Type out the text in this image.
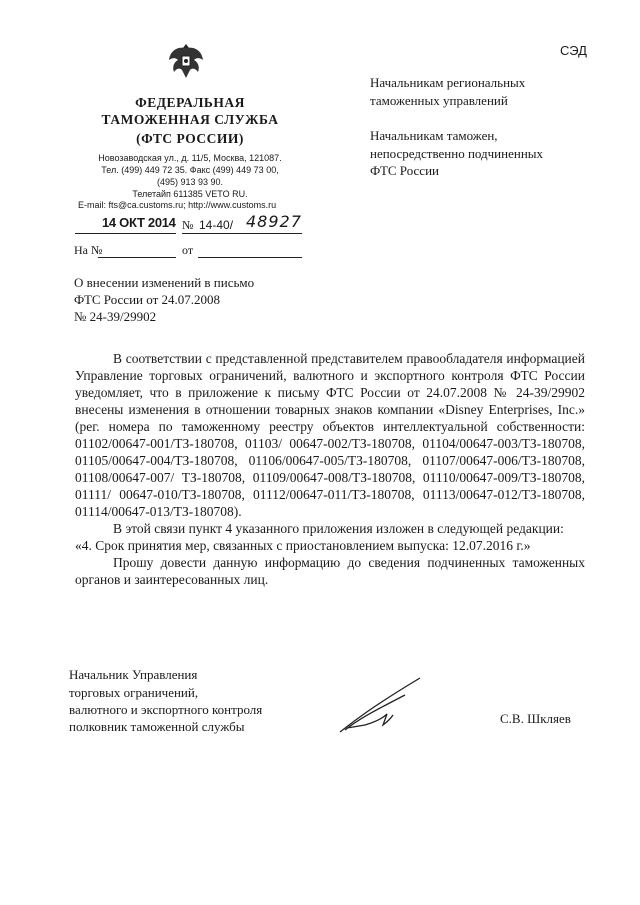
ФЕДЕРАЛЬНАЯ
ТАМОЖЕННАЯ СЛУЖБА
(ФТС РОССИИ)
Новозаводская ул., д. 11/5, Москва, 121087.
Тел. (499) 449 72 35. Факс (499) 449 73 00,
(495) 913 93 90.
Телетайп 611385 VETO RU.
E-mail: fts@ca.customs.ru; http://www.customs.ru
14 ОКТ 2014 № 14-40/ 48927
На №	от
О внесении изменений в письмо
ФТС России от 24.07.2008
№ 24-39/29902
СЭД
Начальникам региональных
таможенных управлений
Начальникам таможен,
непосредственно подчиненных
ФТС России

В соответствии с представленной представителем правообладателя информацией Управление торговых ограничений, валютного и экспортного контроля ФТС России уведомляет, что в приложение к письму ФТС России от 24.07.2008 № 24-39/29902 внесены изменения в отношении товарных знаков компании «Disney Enterprises, Inc.» (рег. номера по таможенному реестру объектов интеллектуальной собственности: 01102/00647-001/ТЗ-180708, 01103/ 00647-002/ТЗ-180708, 01104/00647-003/ТЗ-180708, 01105/00647-004/ТЗ-180708, 01106/00647-005/ТЗ-180708, 01107/00647-006/ТЗ-180708, 01108/00647-007/ ТЗ-180708, 01109/00647-008/ТЗ-180708, 01110/00647-009/ТЗ-180708, 01111/ 00647-010/ТЗ-180708, 01112/00647-011/ТЗ-180708, 01113/00647-012/ТЗ-180708, 01114/00647-013/ТЗ-180708).

В этой связи пункт 4 указанного приложения изложен в следующей редакции:

«4. Срок принятия мер, связанных с приостановлением выпуска: 12.07.2016 г.»

Прошу довести данную информацию до сведения подчиненных таможенных органов и заинтересованных лиц.

Начальник Управления
торговых ограничений,
валютного и экспортного контроля
полковник таможенной службы
С.В. Шкляев
